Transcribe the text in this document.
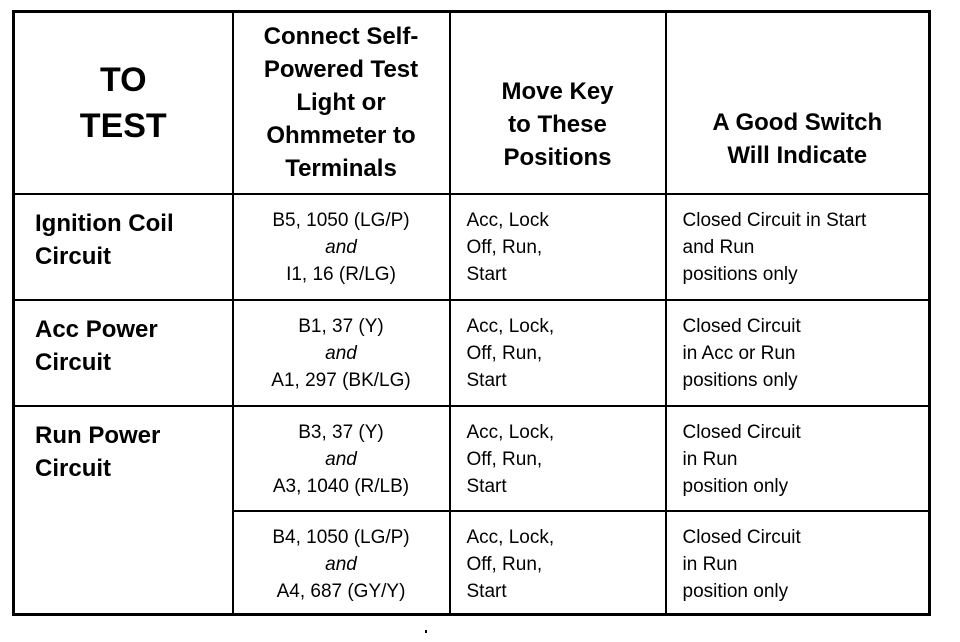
TO
TEST	Connect Self-
Powered Test
Light or
Ohmmeter to
Terminals	Move Key
to These
Positions	A Good Switch
Will Indicate

Ignition Coil
Circuit	B5, 1050 (LG/P)
and
I1, 16 (R/LG)	Acc, Lock
Off, Run,
Start	Closed Circuit in Start
and Run
positions only

Acc Power
Circuit	B1, 37 (Y)
and
A1, 297 (BK/LG)	Acc, Lock,
Off, Run,
Start	Closed Circuit
in Acc or Run
positions only

Run Power
Circuit	B3, 37 (Y)
and
A3, 1040 (R/LB)	Acc, Lock,
Off, Run,
Start	Closed Circuit
in Run
position only

	B4, 1050 (LG/P)
and
A4, 687 (GY/Y)	Acc, Lock,
Off, Run,
Start	Closed Circuit
in Run
position only
